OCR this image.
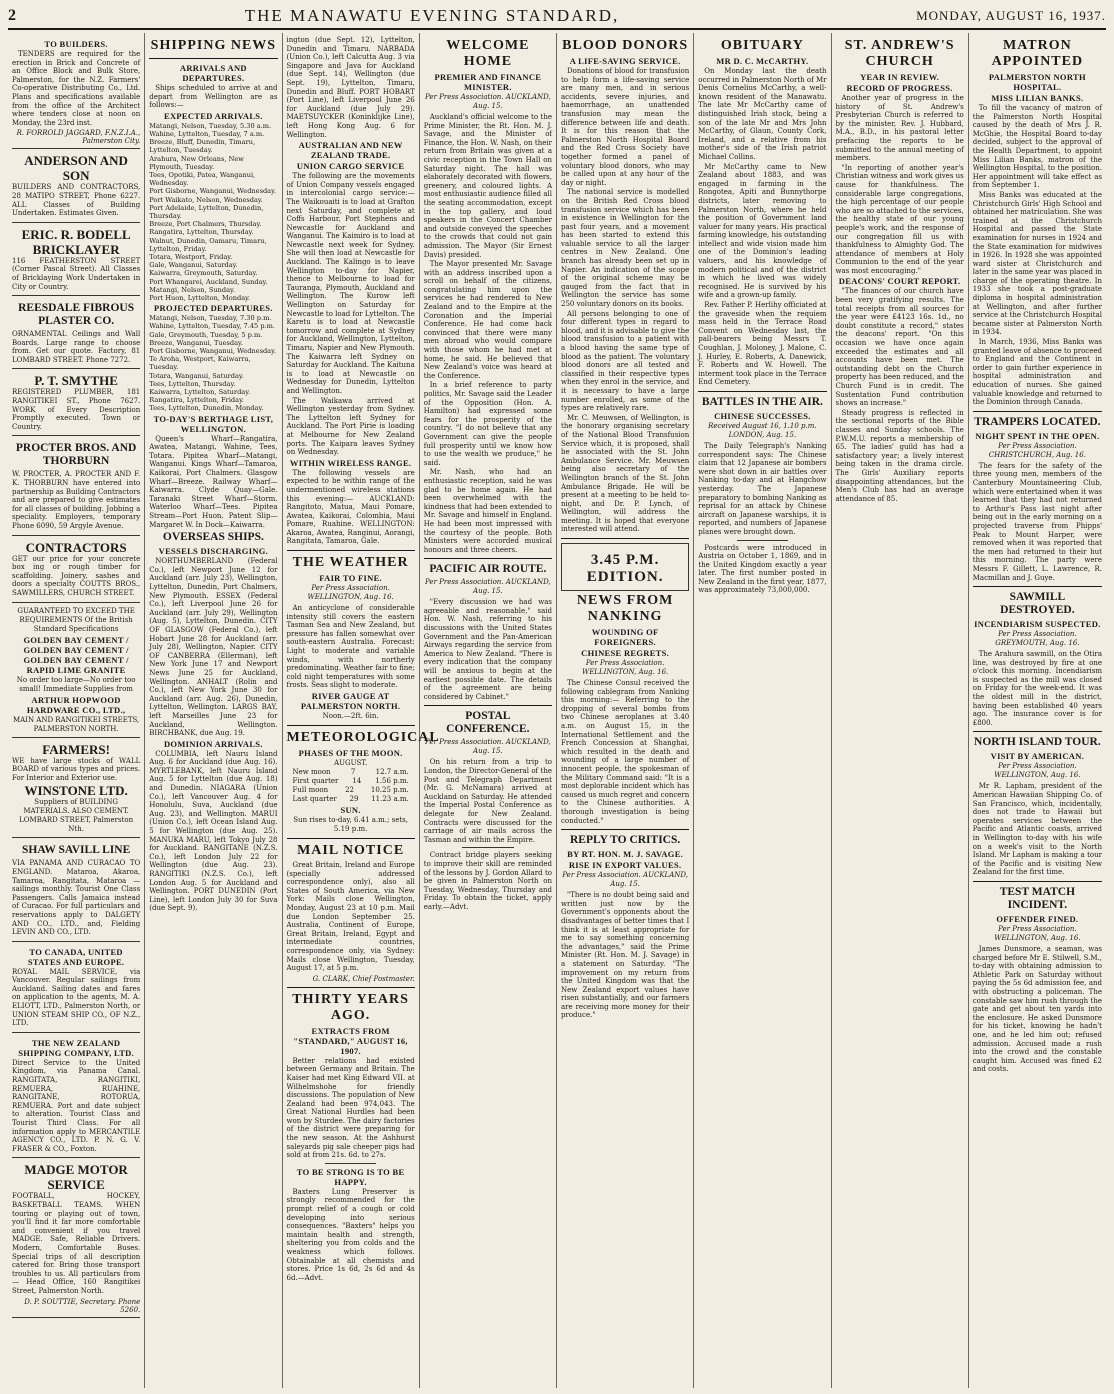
2	THE MANAWATU EVENING STANDARD,	MONDAY, AUGUST 16, 1937.
TO BUILDERS.

TENDERS are required for the erection in Brick and Concrete of an Office Block and Bulk Store, Palmerston, for the N.Z. Farmers' Co-operative Distributing Co., Ltd. Plans and specifications available from the office of the Architect where tenders close at noon on Monday, the 23rd inst.

R. FORROLD JAGGARD, F.N.Z.I.A., Palmerston City.
ANDERSON AND SON

BUILDERS AND CONTRACTORS, 28 MATIPO STREET, Phone 6227. ALL Classes of Building Undertaken. Estimates Given.

ERIC. R. BODELL BRICKLAYER

116 FEATHERSTON STREET (Corner Pascal Street). All Classes of Bricklaying Work Undertaken in City or Country.

REESDALE FIBROUS PLASTER CO.

ORNAMENTAL Ceilings and Wall Boards. Large range to choose from. Get our quote. Factory, 81 LOMBARD STREET. Phone 7272.

P. T. SMYTHE

REGISTERED PLUMBER, 181 RANGITIKEI ST., Phone 7627. WORK of Every Description Promptly executed. Town or Country.

PROCTER BROS. AND THORBURN

W. PROCTER, A. PROCTER AND F. K. THORBURN have entered into partnership as Building Contractors and are prepared to give estimates for all classes of building. Jobbing a speciality. Employers, temporary Phone 6090, 59 Argyle Avenue.

CONTRACTORS

GET our price for your concrete box ing or rough timber for scaffolding. Joinery, sashes and doors a specialty COUTTS BROS., SAWMILLERS, CHURCH STREET.

GUARANTEED TO EXCEED THE REQUIREMENTS Of the British Standard Specifications
GOLDEN BAY CEMENT / GOLDEN BAY CEMENT / GOLDEN BAY CEMENT / RAPID LIME GRANITE
No order too large—No order too small! Immediate Supplies from
ARTHUR HOPWOOD HARDWARE CO., LTD.,
MAIN AND RANGITIKEI STREETS, PALMERSTON NORTH.
FARMERS!

WE have large stocks of WALL BOARD of various types and prices. For Interior and Exterior use.

WINSTONE LTD.
Suppliers of BUILDING MATERIALS. ALSO CEMENT. LOMBARD STREET, Palmerston Nth.
SHAW SAVILL LINE

VIA PANAMA AND CURACAO TO ENGLAND. Mataroa, Akaroa, Tamaroa, Rangitata, Mataroa — sailings monthly. Tourist One Class Passengers. Calls Jamaica instead of Curacao. For full particulars and reservations apply to DALGETY AND CO., LTD., and, Fielding LEVIN AND CO., LTD.

TO CANADA, UNITED STATES AND EUROPE.

ROYAL MAIL SERVICE, via Vancouver. Regular sailings from Auckland. Sailing dates and fares on application to the agents, M. A. ELIOTT, LTD., Palmerston North, or UNION STEAM SHIP CO., OF N.Z., LTD.

THE NEW ZEALAND SHIPPING COMPANY, LTD.

Direct Service to the United Kingdom, via Panama Canal. RANGITATA, RANGITIKI, REMUERA, RUAHINE, RANGITANE, ROTORUA, REMUERA. Port and date subject to alteration. Tourist Class and Tourist Third Class. For all information apply to MERCANTILE AGENCY CO., LTD. P. N. G. V. FRASER & CO., Foxton.

MADGE MOTOR SERVICE

FOOTBALL, HOCKEY, BASKETBALL TEAMS. WHEN touring or playing out of town, you'll find it far more comfortable and convenient if you travel MADGE. Safe, Reliable Drivers. Modern, Comfortable Buses. Special trips of all description catered for. Bring those transport troubles to us. All particulars from— Head Office, 160 Rangitikei Street, Palmerston North.

D. P. SOUTTIE, Secretary. Phone 5260.
SHIPPING NEWS
ARRIVALS AND DEPARTURES.

Ships scheduled to arrive at and depart from Wellington are as follows:—

EXPECTED ARRIVALS.
Matangi, Nelson, Tuesday, 5.30 a.m.
Wahine, Lyttelton, Tuesday, 7 a.m.
Breeze, Bluff, Dunedin, Timaru, Lyttelton, Tuesday.
Arahura, New Orleans, New Plymouth, Tuesday.
Tees, Opotiki, Patea, Wanganui, Wednesday.
Port Gisborne, Wanganui, Wednesday.
Port Waikato, Nelson, Wednesday.
Port Adelaide, Lyttelton, Dunedin, Thursday.
Breeze, Port Chalmers, Thursday.
Rangatira, Lyttelton, Thursday.
Walnut, Dunedin, Oamaru, Timaru, Lyttelton, Friday.
Totara, Westport, Friday.
Gale, Wanganui, Saturday.
Kaiwarra, Greymouth, Saturday.
Port Whangarei, Auckland, Sunday.
Matangi, Nelson, Sunday.
Port Huon, Lyttelton, Monday.
PROJECTED DEPARTURES.
Matangi, Nelson, Tuesday, 7.30 p.m.
Wahine, Lyttelton, Tuesday, 7.45 p.m.
Gale, Greymouth, Tuesday, 5 p.m.
Breeze, Wanganui, Tuesday.
Port Gisborne, Wanganui, Wednesday.
Te Aroha, Westport, Kaiwarra, Tuesday.
Totara, Wanganui, Saturday.
Tees, Lyttelton, Thursday.
Kaiwarra, Lyttelton, Saturday.
Rangatira, Lyttelton, Friday.
Tees, Lyttelton, Dunedin, Monday.
TO-DAY'S BERTHAGE LIST, WELLINGTON.

Queen's Wharf—Rangatira, Awatea, Matangi, Wahine, Tees, Totara. Pipitea Wharf—Matangi, Wanganui. Kings Wharf—Tamaroa, Kaikorai, Port Chalmers. Glasgow Wharf—Breeze. Railway Wharf—Kaiwarra. Clyde Quay—Gale. Taranaki Street Wharf—Storm. Waterloo Wharf—Tees. Pipitea Stream—Port Huon. Patent Slip—Margaret W. In Dock—Kaiwarra.

OVERSEAS SHIPS.
VESSELS DISCHARGING.

NORTHUMBERLAND (Federal Co.), left Newport June 12 for Auckland (arr. July 23), Wellington, Lyttelton, Dunedin, Port Chalmers, New Plymouth. ESSEX (Federal Co.), left Liverpool June 26 for Auckland (arr. July 29), Wellington (Aug. 5), Lyttelton, Dunedin. CITY OF GLASGOW (Federal Co.), left Hobart June 28 for Auckland (arr. July 28), Wellington, Napier. CITY OF CANBERRA (Ellerman), left New York June 17 and Newport News June 25 for Auckland, Wellington. ANHALT (Rolin and Co.), left New York June 30 for Auckland (arr. Aug. 26), Dunedin, Lyttelton, Wellington. LARGS BAY, left Marseilles June 23 for Auckland, Wellington. BIRCHBANK, due Aug. 19.

DOMINION ARRIVALS.

COLUMBIA, left Nauru Island Aug. 6 for Auckland (due Aug. 16). MYRTLEBANK, left Nauru Island Aug. 5 for Lyttelton (due Aug. 18) and Dunedin. NIAGARA (Union Co.), left Vancouver Aug. 4 for Honolulu, Suva, Auckland (due Aug. 23), and Wellington. MARUI (Union Co.), left Ocean Island Aug. 5 for Wellington (due Aug. 25). MANUKA MARU, left Tokyo July 28 for Auckland. RANGITANE (N.Z.S. Co.), left London July 22 for Wellington (due Aug. 23). RANGITIKI (N.Z.S. Co.), left London Aug. 5 for Auckland and Wellington. PORT DUNEDIN (Port Line), left London July 30 for Suva (due Sept. 9).

ington (due Sept. 12), Lyttelton, Dunedin and Timaru. NARBADA (Union Co.), left Calcutta Aug. 3 via Singapore and Java for Auckland (due Sept. 14), Wellington (due Sept. 19), Lyttelton, Timaru, Dunedin and Bluff. PORT HOBART (Port Line), left Liverpool June 26 for Auckland (due July 29). MAETSUYCKER (Koninklijke Line), left Hong Kong Aug. 6 for Wellington.

AUSTRALIAN AND NEW ZEALAND TRADE.
UNION CARGO SERVICE

The following are the movements of Union Company vessels engaged in intercolonial cargo service:— The Waikouaiti is to load at Grafton next Saturday, and complete at Coffs Harbour, Port Stephens and Newcastle for Auckland and Wanganui. The Kaimiro is to load at Newcastle next week for Sydney. She will then load at Newcastle for Auckland. The Kalingo is to leave Wellington to-day for Napier, thence to Melbourne to load for Tauranga, Plymouth, Auckland and Wellington. The Kurow left Wellington on Saturday for Newcastle to load for Lyttelton. The Karetu is to load at Newcastle tomorrow and complete at Sydney for Auckland, Wellington, Lyttelton, Timaru, Napier and New Plymouth. The Kaiwarra left Sydney on Saturday for Auckland. The Kaituna is to load at Newcastle on Wednesday for Dunedin, Lyttelton and Wellington.

The Waikawa arrived at Wellington yesterday from Sydney. The Lyttelton left Sydney for Auckland. The Port Pirie is loading at Melbourne for New Zealand ports. The Kaipara leaves Sydney on Wednesday.

WITHIN WIRELESS RANGE.

The following vessels are expected to be within range of the undermentioned wireless stations this evening:— AUCKLAND: Rangitoto, Matua, Maui Pomare, Awatea, Kaikorai, Colombia, Maui Pomare, Ruahine. WELLINGTON: Akaroa, Awatea, Ranginui, Aorangi, Rangitata, Tamaroa, Gale.

THE WEATHER
FAIR TO FINE.
Per Press Association. WELLINGTON, Aug. 16.

An anticyclone of considerable intensity still covers the eastern Tasman Sea and New Zealand, but pressure has fallen somewhat over south-eastern Australia. Forecast: Light to moderate and variable winds, with northerly predominating. Weather fair to fine; cold night temperatures with some frosts. Seas slight to moderate.

RIVER GAUGE AT PALMERSTON NORTH.
Noon.—2ft. 6in.
METEOROLOGICAL
PHASES OF THE MOON.
AUGUST.
New moon	7	12.7 a.m.
First quarter 14 1.56 p.m.
Full moon 22 10.25 p.m.
Last quarter 29 11.23 a.m.
SUN.
Sun rises to-day, 6.41 a.m.; sets, 5.19 p.m.
MAIL NOTICE

Great Britain, Ireland and Europe (specially addressed correspondence only), also all States of South America, via New York: Mails close Wellington, Monday, August 23 at 10 p.m. Mail due London September 25. Australia, Continent of Europe, Great Britain, Ireland, Egypt and intermediate countries, correspondence only, via Sydney: Mails close Wellington, Tuesday, August 17, at 5 p.m.

G. CLARK, Chief Postmaster.
THIRTY YEARS AGO.
EXTRACTS FROM "STANDARD," AUGUST 16, 1907.

Better relations had existed between Germany and Britain. The Kaiser had met King Edward VII. at Wilhelmshohe for friendly discussions. The population of New Zealand had been 974,043. The Great National Hurdles had been won by Sturdee. The dairy factories of the district were preparing for the new season. At the Ashhurst saleyards pig sale cheeper pigs had sold at from 21s. 6d. to 27s.

TO BE STRONG IS TO BE HAPPY.

Baxters Lung Preserver is strongly recommended for the prompt relief of a cough or cold developing into serious consequences. "Baxters" helps you maintain health and strength, sheltering you from colds and the weakness which follows. Obtainable at all chemists and stores. Price 1s 6d, 2s 6d and 4s 6d.—Advt.

WELCOME HOME
PREMIER AND FINANCE MINISTER.
Per Press Association. AUCKLAND, Aug. 15.

Auckland's official welcome to the Prime Minister, the Rt. Hon. M. J. Savage, and the Minister of Finance, the Hon. W. Nash, on their return from Britain was given at a civic reception in the Town Hall on Saturday night. The hall was elaborately decorated with flowers, greenery, and coloured lights. A most enthusiastic audience filled all the seating accommodation, except in the top gallery, and loud speakers in the Concert Chamber and outside conveyed the speeches to the crowds that could not gain admission. The Mayor (Sir Ernest Davis) presided.

The Mayor presented Mr. Savage with an address inscribed upon a scroll on behalf of the citizens, congratulating him upon the services he had rendered to New Zealand and to the Empire at the Coronation and the Imperial Conference. He had come back convinced that there were many men abroad who would compare with those whom he had met at home, he said. He believed that New Zealand's voice was heard at the Conference.

In a brief reference to party politics, Mr. Savage said the Leader of the Opposition (Hon. A. Hamilton) had expressed some fears for the prosperity of the country. "I do not believe that any Government can give the people full prosperity until we know how to use the wealth we produce," he said.

Mr. Nash, who had an enthusiastic reception, said he was glad to be home again. He had been overwhelmed with the kindness that had been extended to Mr. Savage and himself in England. He had been most impressed with the courtesy of the people. Both Ministers were accorded musical honours and three cheers.

PACIFIC AIR ROUTE.
Per Press Association. AUCKLAND, Aug. 15.

"Every discussion we had was agreeable and reasonable," said Hon. W. Nash, referring to his discussions with the United States Government and the Pan-American Airways regarding the service from America to New Zealand. "There is every indication that the company will be anxious to begin at the earliest possible date. The details of the agreement are being considered by Cabinet."

POSTAL CONFERENCE.
Per Press Association. AUCKLAND, Aug. 15.

On his return from a trip to London, the Director-General of the Post and Telegraph Department (Mr. G. McNamara) arrived at Auckland on Saturday. He attended the Imperial Postal Conference as delegate for New Zealand. Contracts were discussed for the carriage of air mails across the Tasman and within the Empire.

Contract bridge players seeking to improve their skill are reminded of the lessons by J. Gordon Allard to be given in Palmerston North on Tuesday, Wednesday, Thursday and Friday. To obtain the ticket, apply early.—Advt.

BLOOD DONORS
A LIFE-SAVING SERVICE.

Donations of blood for transfusion to help form a life-saving service are many men, and in serious accidents, severe injuries, and haemorrhage, an unattended transfusion may mean the difference between life and death. It is for this reason that the Palmerston North Hospital Board and the Red Cross Society have together formed a panel of voluntary blood donors, who may be called upon at any hour of the day or night.

The national service is modelled on the British Red Cross blood transfusion service which has been in existence in Wellington for the past four years, and a movement has been started to extend this valuable service to all the larger centres in New Zealand. One branch has already been set up in Napier. An indication of the scope of the original scheme may be gauged from the fact that in Wellington the service has some 250 voluntary donors on its books.

All persons belonging to one of four different types in regard to blood, and it is advisable to give the blood transfusion to a patient with a blood having the same type of blood as the patient. The voluntary blood donors are all tested and classified in their respective types when they enrol in the service, and it is necessary to have a large number enrolled, as some of the types are relatively rare.

Mr. C. Meuwsen, of Wellington, is the honorary organising secretary of the National Blood Transfusion Service which, it is proposed, shall be associated with the St. John Ambulance Service. Mr. Meuwsen being also secretary of the Wellington branch of the St. John Ambulance Brigade. He will be present at a meeting to be held to-night, and Dr. P. Lynch, of Wellington, will address the meeting. It is hoped that everyone interested will attend.

3.45 P.M. EDITION.
NEWS FROM NANKING
WOUNDING OF FOREIGNERS.
CHINESE REGRETS.
Per Press Association. WELLINGTON, Aug. 16.

The Chinese Consul received the following cablegram from Nanking this morning:— Referring to the dropping of several bombs from two Chinese aeroplanes at 3.40 a.m. on August 15, in the International Settlement and the French Concession at Shanghai, which resulted in the death and wounding of a large number of innocent people, the spokesman of the Military Command said: "It is a most deplorable incident which has caused us much regret and concern to the Chinese authorities. A thorough investigation is being conducted."

REPLY TO CRITICS.
BY RT. HON. M. J. SAVAGE.
RISE IN EXPORT VALUES.
Per Press Association. AUCKLAND, Aug. 15.

"There is no doubt being said and written just now by the Government's opponents about the disadvantages of better times that I think it is at least appropriate for me to say something concerning the advantages," said the Prime Minister (Rt. Hon. M. J. Savage) in a statement on Saturday. "The improvement on my return from the United Kingdom was that the New Zealand export values have risen substantially, and our farmers are receiving more money for their produce."

OBITUARY
MR D. C. McCARTHY.

On Monday last the death occurred in Palmerston North of Mr Denis Cornelius McCarthy, a well-known resident of the Manawatu. The late Mr McCarthy came of distinguished Irish stock, being a son of the late Mr and Mrs John McCarthy, of Glaun, County Cork, Ireland, and a relative from his mother's side of the Irish patriot Michael Collins.

Mr McCarthy came to New Zealand about 1883, and was engaged in farming in the Rongotea, Apiti and Bunnythorpe districts, later removing to Palmerston North, where he held the position of Government land valuer for many years. His practical farming knowledge, his outstanding intellect and wide vision made him one of the Dominion's leading valuers, and his knowledge of modern political and of the district in which he lived was widely recognised. He is survived by his wife and a grown-up family.

Rev. Father P. Herlihy officiated at the graveside when the requiem mass held in the Terrace Road Convent on Wednesday last, the pall-bearers being Messrs T. Coughlan, J. Moloney, J. Malone, C. J. Hurley, E. Roberts, A. Danewick, F. Roberts and W. Howell. The interment took place in the Terrace End Cemetery.

BATTLES IN THE AIR.
CHINESE SUCCESSES.
Received August 16, 1.10 p.m. LONDON, Aug. 15.

The Daily Telegraph's Nanking correspondent says: The Chinese claim that 12 Japanese air bombers were shot down in air battles over Nanking to-day and at Hangchow yesterday. The Japanese preparatory to bombing Nanking as reprisal for an attack by Chinese aircraft on Japanese warships, it is reported, and numbers of Japanese planes were brought down.

Postcards were introduced in Austria on October 1, 1869, and in the United Kingdom exactly a year later. The first number posted in New Zealand in the first year, 1877, was approximately 73,000,000.

ST. ANDREW'S CHURCH
YEAR IN REVIEW.
RECORD OF PROGRESS.

Another year of progress in the history of St. Andrew's Presbyterian Church is referred to by the minister, Rev. J. Hubbard, M.A., B.D., in his pastoral letter prefacing the reports to be submitted to the annual meeting of members.

"In reporting of another year's Christian witness and work gives us cause for thankfulness. The considerable large congregations, the high percentage of our people who are so attached to the services, the healthy state of our young people's work, and the response of our congregation fill us with thankfulness to Almighty God. The attendance of members at Holy Communion to the end of the year was most encouraging."

DEACONS' COURT REPORT.

"The finances of our church have been very gratifying results. The total receipts from all sources for the year were £4123 16s. 1d., no doubt constitute a record," states the deacons' report. "On this occasion we have once again exceeded the estimates and all accounts have been met. The outstanding debt on the Church property has been reduced, and the Church Fund is in credit. The Sustentation Fund contribution shows an increase."

Steady progress is reflected in the sectional reports of the Bible classes and Sunday schools. The P.W.M.U. reports a membership of 65. The ladies' guild has had a satisfactory year; a lively interest being taken in the drama circle. The Girls' Auxiliary reports disappointing attendances, but the Men's Club has had an average attendance of 85.

MATRON APPOINTED
PALMERSTON NORTH HOSPITAL.
MISS LILIAN BANKS.

To fill the vacancy of matron of the Palmerston North Hospital caused by the death of Mrs J. R. McGhie, the Hospital Board to-day decided, subject to the approval of the Health Department, to appoint Miss Lilian Banks, matron of the Wellington Hospital, to the position. Her appointment will take effect as from September 1.

Miss Banks was educated at the Christchurch Girls' High School and obtained her matriculation. She was trained at the Christchurch Hospital and passed the State examination for nurses in 1924 and the State examination for midwives in 1926. In 1928 she was appointed ward sister at Christchurch and later in the same year was placed in charge of the operating theatre. In 1933 she took a post-graduate diploma in hospital administration at Wellington, and after further service at the Christchurch Hospital became sister at Palmerston North in 1934.

In March, 1936, Miss Banks was granted leave of absence to proceed to England and the Continent in order to gain further experience in hospital administration and education of nurses. She gained valuable knowledge and returned to the Dominion through Canada.

TRAMPERS LOCATED.
NIGHT SPENT IN THE OPEN.
Per Press Association. CHRISTCHURCH, Aug. 16.

The fears for the safety of the three young men, members of the Canterbury Mountaineering Club, which were entertained when it was learned that they had not returned to Arthur's Pass last night after being out in the early morning on a projected traverse from Phipps' Peak to Mount Harper, were removed when it was reported that the men had returned to their hut this morning. The party were Messrs F. Gillett, L. Lawrence, R. Macmillan and J. Guye.

SAWMILL DESTROYED.
INCENDIARISM SUSPECTED.
Per Press Association. GREYMOUTH, Aug. 16.

The Arahura sawmill, on the Otira line, was destroyed by fire at one o'clock this morning. Incendiarism is suspected as the mill was closed on Friday for the week-end. It was the oldest mill in the district, having been established 40 years ago. The insurance cover is for £800.

NORTH ISLAND TOUR.
VISIT BY AMERICAN.
Per Press Association. WELLINGTON, Aug. 16.

Mr R. Lapham, president of the American Hawaiian Shipping Co. of San Francisco, which, incidentally, does not trade to Hawaii but operates services between the Pacific and Atlantic coasts, arrived in Wellington to-day with his wife on a week's visit to the North Island. Mr Lapham is making a tour of the Pacific and is visiting New Zealand for the first time.

TEST MATCH INCIDENT.
OFFENDER FINED.
Per Press Association. WELLINGTON, Aug. 16.

James Dunsmore, a seaman, was charged before Mr E. Stilwell, S.M., to-day with obtaining admission to Athletic Park on Saturday without paying the 5s 6d admission fee, and with obstructing a policeman. The constable saw him rush through the gate and get about ten yards into the enclosure. He asked Dunsmore for his ticket, knowing he hadn't one, and he led him out; refused admission. Accused made a rush into the crowd and the constable caught him. Accused was fined £2 and costs.
